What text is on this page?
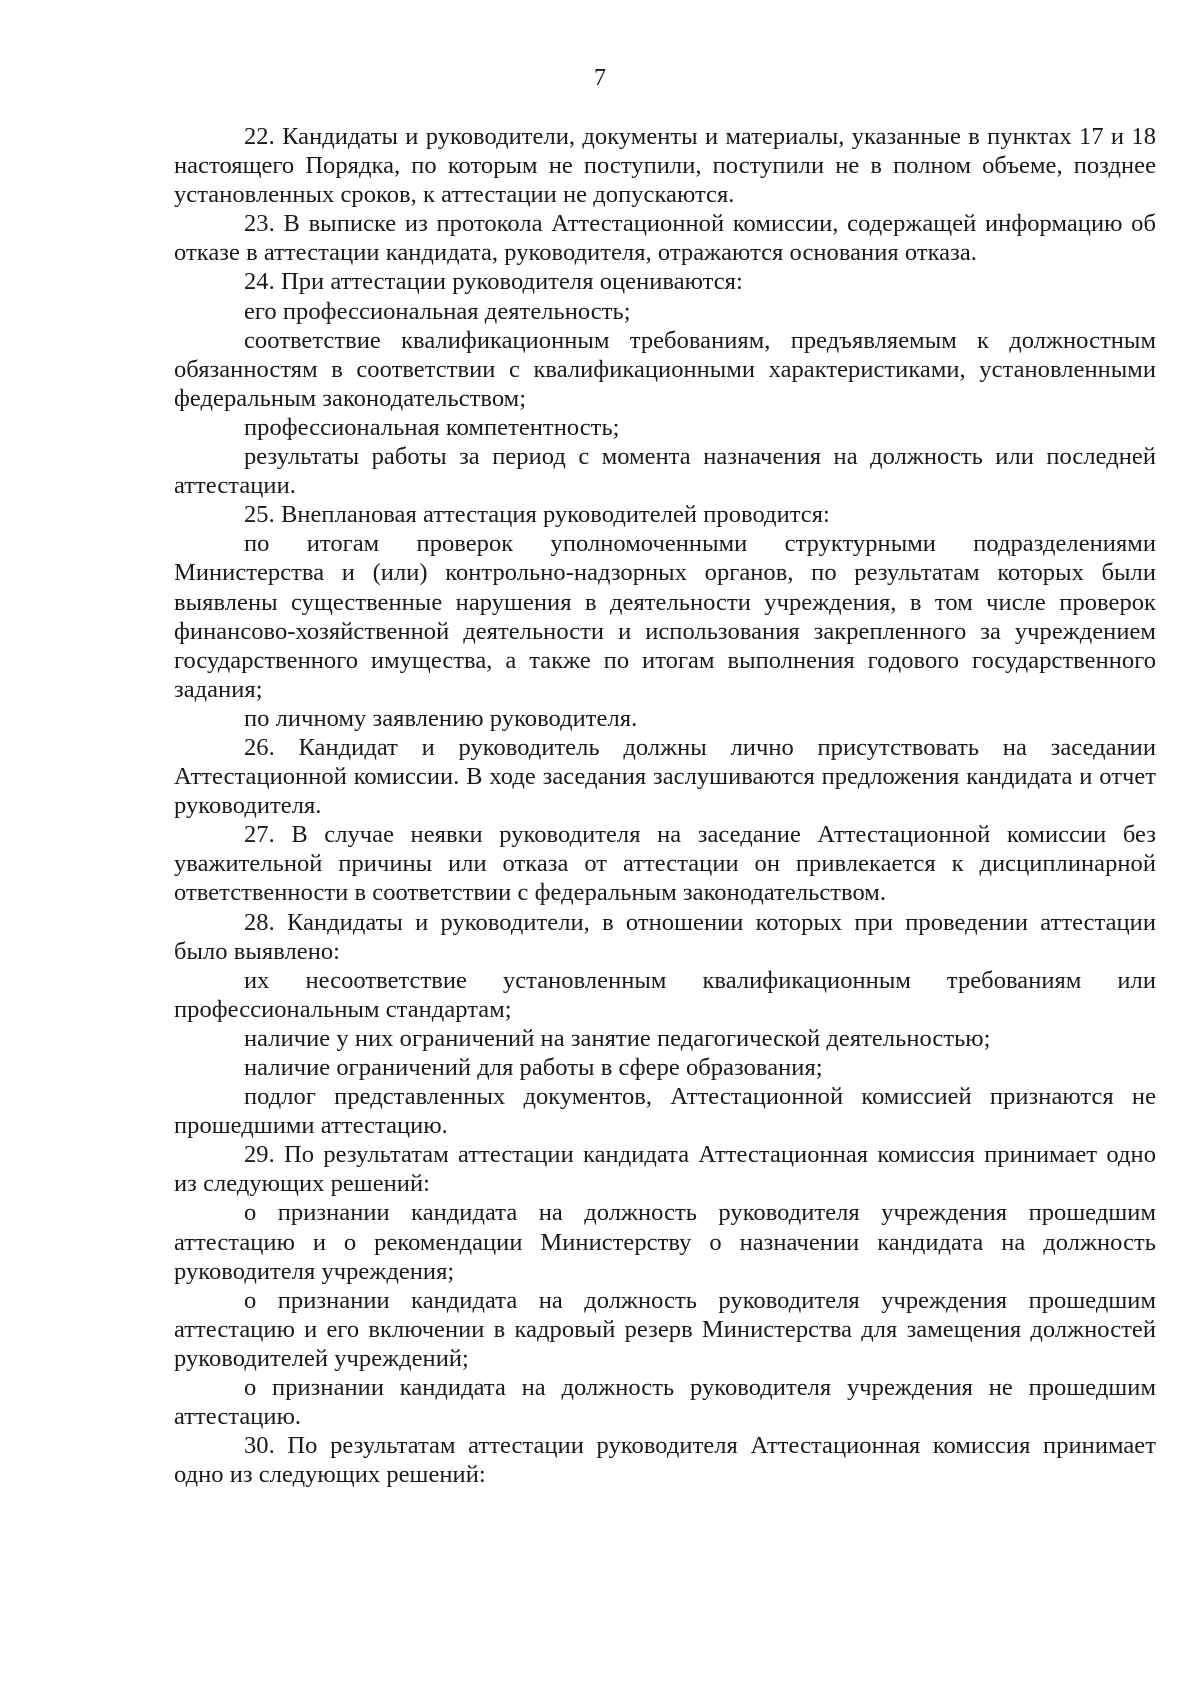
7

22. Кандидаты и руководители, документы и материалы, указанные в пунктах 17 и 18 настоящего Порядка, по которым не поступили, поступили не в полном объеме, позднее установленных сроков, к аттестации не допускаются.

23. В выписке из протокола Аттестационной комиссии, содержащей информацию об отказе в аттестации кандидата, руководителя, отражаются основания отказа.

24. При аттестации руководителя оцениваются:

его профессиональная деятельность;

соответствие квалификационным требованиям, предъявляемым к должностным обязанностям в соответствии с квалификационными характеристиками, установленными федеральным законодательством;

профессиональная компетентность;

результаты работы за период с момента назначения на должность или последней аттестации.

25. Внеплановая аттестация руководителей проводится:

по итогам проверок уполномоченными структурными подразделениями Министерства и (или) контрольно-надзорных органов, по результатам которых были выявлены существенные нарушения в деятельности учреждения, в том числе проверок финансово-хозяйственной деятельности и использования закрепленного за учреждением государственного имущества, а также по итогам выполнения годового государственного задания;

по личному заявлению руководителя.

26. Кандидат и руководитель должны лично присутствовать на заседании Аттестационной комиссии. В ходе заседания заслушиваются предложения кандидата и отчет руководителя.

27. В случае неявки руководителя на заседание Аттестационной комиссии без уважительной причины или отказа от аттестации он привлекается к дисциплинарной ответственности в соответствии с федеральным законодательством.

28. Кандидаты и руководители, в отношении которых при проведении аттестации было выявлено:

их несоответствие установленным квалификационным требованиям или профессиональным стандартам;

наличие у них ограничений на занятие педагогической деятельностью;

наличие ограничений для работы в сфере образования;

подлог представленных документов, Аттестационной комиссией признаются не прошедшими аттестацию.

29. По результатам аттестации кандидата Аттестационная комиссия принимает одно из следующих решений:

о признании кандидата на должность руководителя учреждения прошедшим аттестацию и о рекомендации Министерству о назначении кандидата на должность руководителя учреждения;

о признании кандидата на должность руководителя учреждения прошедшим аттестацию и его включении в кадровый резерв Министерства для замещения должностей руководителей учреждений;

о признании кандидата на должность руководителя учреждения не прошедшим аттестацию.

30. По результатам аттестации руководителя Аттестационная комиссия принимает одно из следующих решений:
